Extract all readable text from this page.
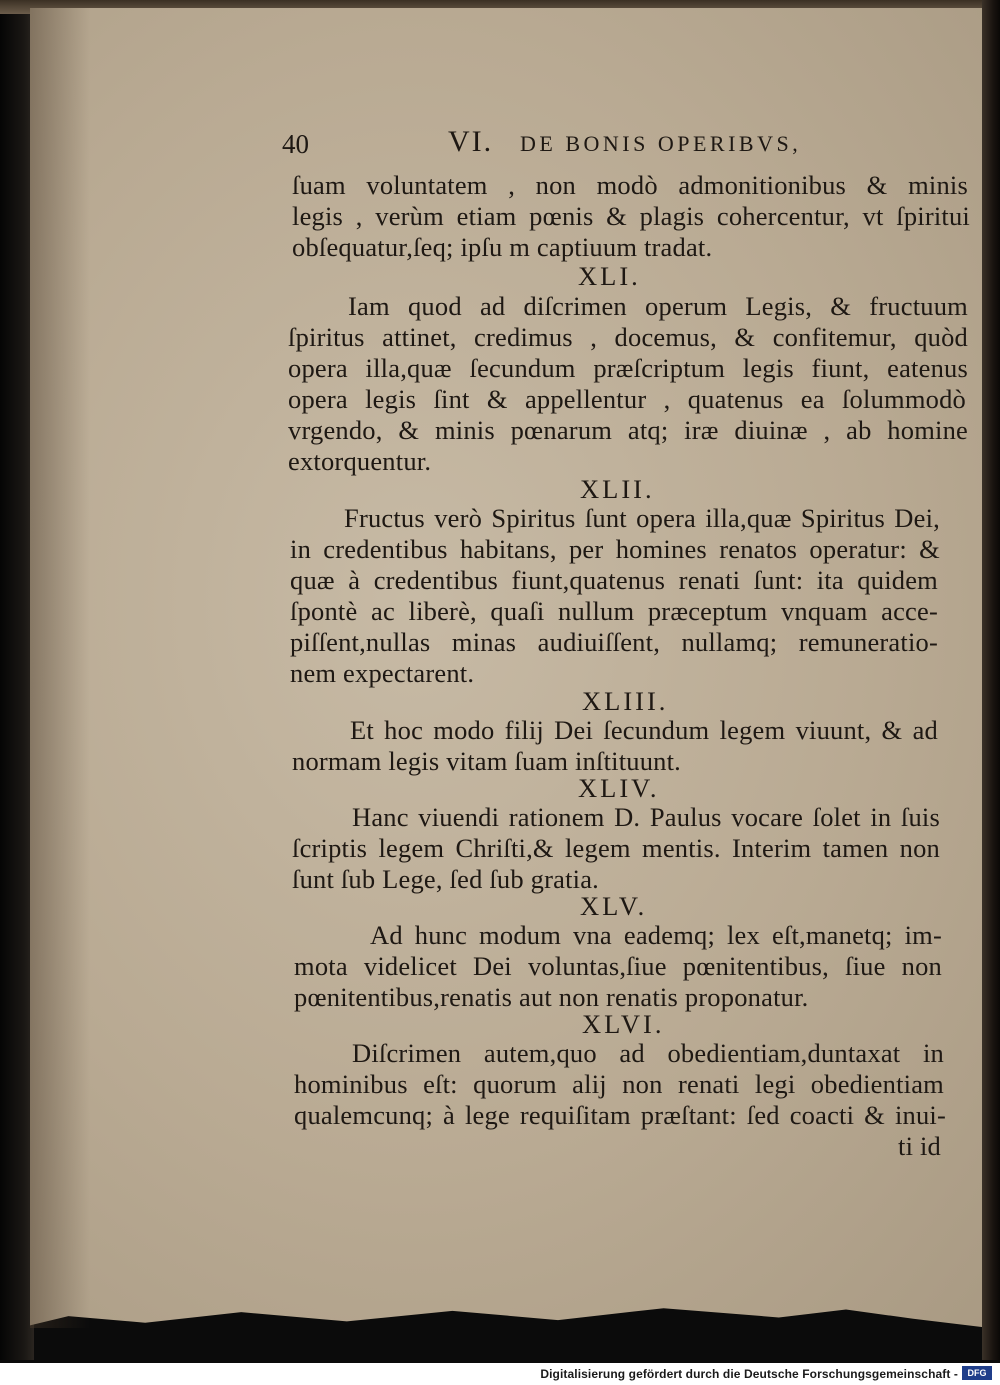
40	VI. DE BONIS OPERIBVS,
ſuam voluntatem , non modò admonitionibus & minis
legis , verùm etiam pœnis & plagis cohercentur, vt ſpiritui
obſequatur,ſeq; ipſu m captiuum tradat.
XLI.
Iam quod ad diſcrimen operum Legis, & fructuum
ſpiritus attinet, credimus , docemus, & confitemur, quòd
opera illa,quæ ſecundum præſcriptum legis fiunt, eatenus
opera legis ſint & appellentur , quatenus ea ſolummodò
vrgendo, & minis pœnarum atq; iræ diuinæ , ab homine
extorquentur.
XLII.
Fructus verò Spiritus ſunt opera illa,quæ Spiritus Dei,
in credentibus habitans, per homines renatos operatur: &
quæ à credentibus fiunt,quatenus renati ſunt: ita quidem
ſpontè ac liberè, quaſi nullum præceptum vnquam acce-
piſſent,nullas minas audiuiſſent, nullamq; remuneratio-
nem expectarent.
XLIII.
Et hoc modo filij Dei ſecundum legem viuunt, & ad
normam legis vitam ſuam inſtituunt.
XLIV.
Hanc viuendi rationem D. Paulus vocare ſolet in ſuis
ſcriptis legem Chriſti,& legem mentis. Interim tamen non
ſunt ſub Lege, ſed ſub gratia.
XLV.
Ad hunc modum vna eademq; lex eſt,manetq; im-
mota videlicet Dei voluntas,ſiue pœnitentibus, ſiue non
pœnitentibus,renatis aut non renatis proponatur.
XLVI.
Diſcrimen autem,quo ad obedientiam,duntaxat in
hominibus eſt: quorum alij non renati legi obedientiam
qualemcunq; à lege requiſitam præſtant: ſed coacti & inui-
ti id
Digitalisierung gefördert durch die Deutsche Forschungsgemeinschaft -	DFG
